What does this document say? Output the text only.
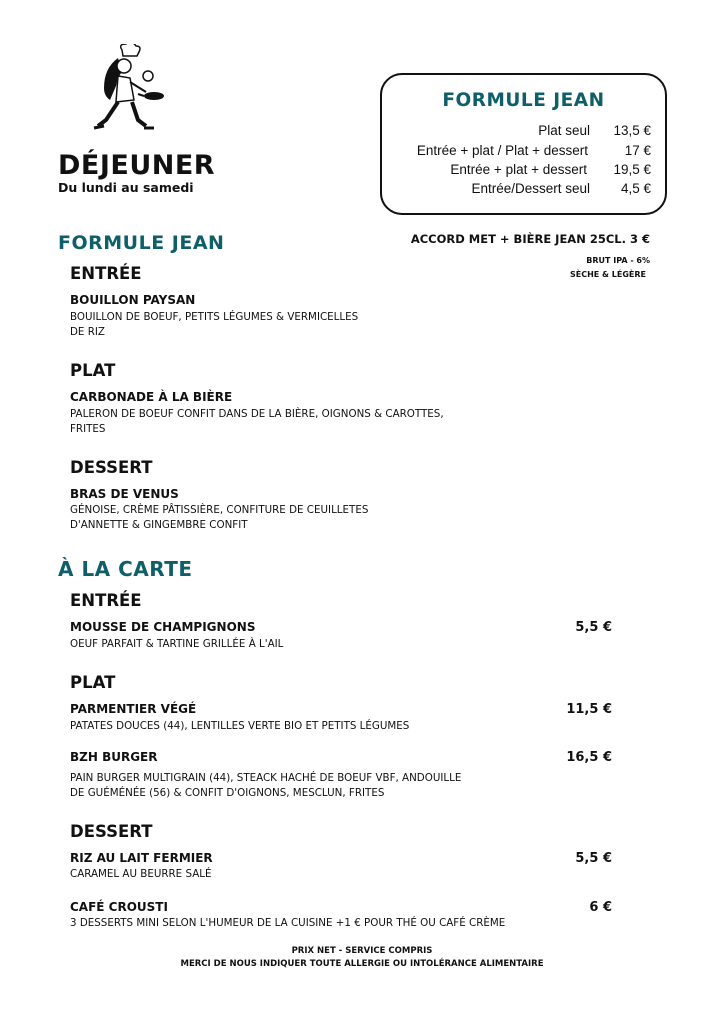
DÉJEUNER
Du lundi au samedi
FORMULE JEAN
Plat seul 13,5 €
Entrée + plat / Plat + dessert	17 €
Entrée + plat + dessert 19,5 €
Entrée/Dessert seul	4,5 €
ACCORD MET + BIÈRE JEAN 25CL. 3 €
BRUT IPA - 6%
SÈCHE & LÉGÈRE
FORMULE JEAN
ENTRÉE
BOUILLON PAYSAN
BOUILLON DE BOEUF, PETITS LÉGUMES & VERMICELLES
DE RIZ
PLAT
CARBONADE À LA BIÈRE
PALERON DE BOEUF CONFIT DANS DE LA BIÈRE, OIGNONS & CAROTTES,
FRITES
DESSERT
BRAS DE VENUS
GÉNOISE, CRÈME PÂTISSIÈRE, CONFITURE DE CEUILLETES
D'ANNETTE & GINGEMBRE CONFIT
À LA CARTE
ENTRÉE
MOUSSE DE CHAMPIGNONS	5,5 €
OEUF PARFAIT & TARTINE GRILLÉE À L'AIL
PLAT
PARMENTIER VÉGÉ	11,5 €
PATATES DOUCES (44), LENTILLES VERTE BIO ET PETITS LÉGUMES
BZH BURGER	16,5 €
PAIN BURGER MULTIGRAIN (44), STEACK HACHÉ DE BOEUF VBF, ANDOUILLE
DE GUÉMÉNÉE (56) & CONFIT D'OIGNONS, MESCLUN, FRITES
DESSERT
RIZ AU LAIT FERMIER	5,5 €
CARAMEL AU BEURRE SALÉ
CAFÉ CROUSTI	6 €
3 DESSERTS MINI SELON L'HUMEUR DE LA CUISINE +1 € POUR THÉ OU CAFÉ CRÈME
PRIX NET - SERVICE COMPRIS
MERCI DE NOUS INDIQUER TOUTE ALLERGIE OU INTOLÉRANCE ALIMENTAIRE
